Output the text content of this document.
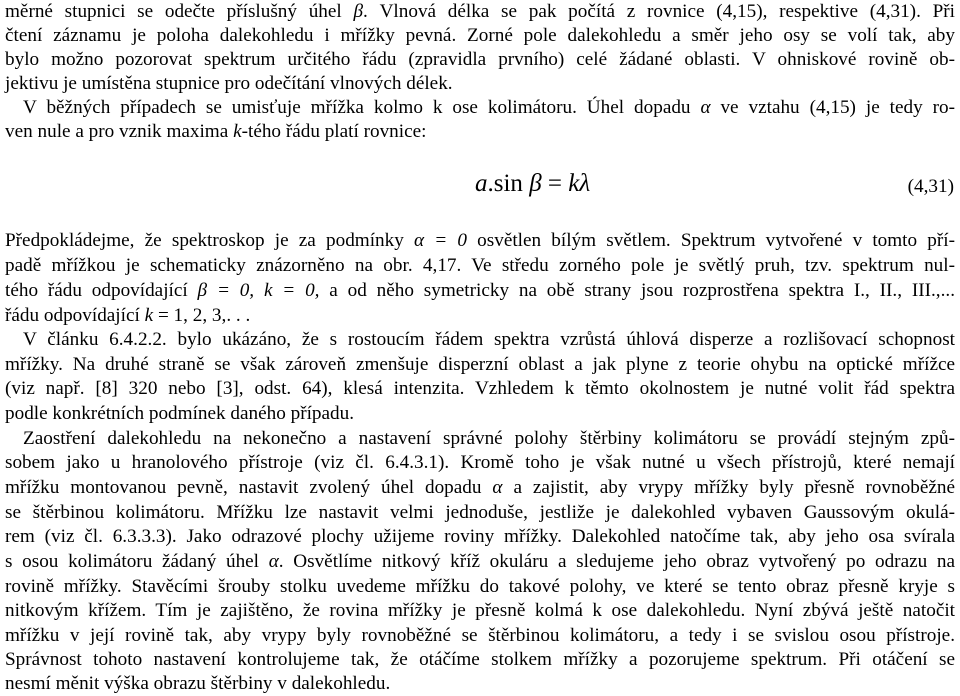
měrné stupnici se odečte příslušný úhel β. Vlnová délka se pak počítá z rovnice (4,15), respektive (4,31). Při
čtení záznamu je poloha dalekohledu i mřížky pevná. Zorné pole dalekohledu a směr jeho osy se volí tak, aby
bylo možno pozorovat spektrum určitého řádu (zpravidla prvního) celé žádané oblasti. V ohniskové rovině ob-
jektivu je umístěna stupnice pro odečítání vlnových délek.
V běžných případech se umisťuje mřížka kolmo k ose kolimátoru. Úhel dopadu α ve vztahu (4,15) je tedy ro-
ven nule a pro vznik maxima k-tého řádu platí rovnice:
a.sin β = kλ	(4,31)
Předpokládejme, že spektroskop je za podmínky α = 0 osvětlen bílým světlem. Spektrum vytvořené v tomto pří-
padě mřížkou je schematicky znázorněno na obr. 4,17. Ve středu zorného pole je světlý pruh, tzv. spektrum nul-
tého řádu odpovídající β = 0, k = 0, a od něho symetricky na obě strany jsou rozprostřena spektra I., II., III.,...
řádu odpovídající k = 1, 2, 3,. . .
V článku 6.4.2.2. bylo ukázáno, že s rostoucím řádem spektra vzrůstá úhlová disperze a rozlišovací schopnost
mřížky. Na druhé straně se však zároveň zmenšuje disperzní oblast a jak plyne z teorie ohybu na optické mřížce
(viz např. [8] 320 nebo [3], odst. 64), klesá intenzita. Vzhledem k těmto okolnostem je nutné volit řád spektra
podle konkrétních podmínek daného případu.
Zaostření dalekohledu na nekonečno a nastavení správné polohy štěrbiny kolimátoru se provádí stejným způ-
sobem jako u hranolového přístroje (viz čl. 6.4.3.1). Kromě toho je však nutné u všech přístrojů, které nemají
mřížku montovanou pevně, nastavit zvolený úhel dopadu α a zajistit, aby vrypy mřížky byly přesně rovnoběžné
se štěrbinou kolimátoru. Mřížku lze nastavit velmi jednoduše, jestliže je dalekohled vybaven Gaussovým okulá-
rem (viz čl. 6.3.3.3). Jako odrazové plochy užijeme roviny mřížky. Dalekohled natočíme tak, aby jeho osa svírala
s osou kolimátoru žádaný úhel α. Osvětlíme nitkový kříž okuláru a sledujeme jeho obraz vytvořený po odrazu na
rovině mřížky. Stavěcími šrouby stolku uvedeme mřížku do takové polohy, ve které se tento obraz přesně kryje s
nitkovým křížem. Tím je zajištěno, že rovina mřížky je přesně kolmá k ose dalekohledu. Nyní zbývá ještě natočit
mřížku v její rovině tak, aby vrypy byly rovnoběžné se štěrbinou kolimátoru, a tedy i se svislou osou přístroje.
Správnost tohoto nastavení kontrolujeme tak, že otáčíme stolkem mřížky a pozorujeme spektrum. Při otáčení se
nesmí měnit výška obrazu štěrbiny v dalekohledu.
